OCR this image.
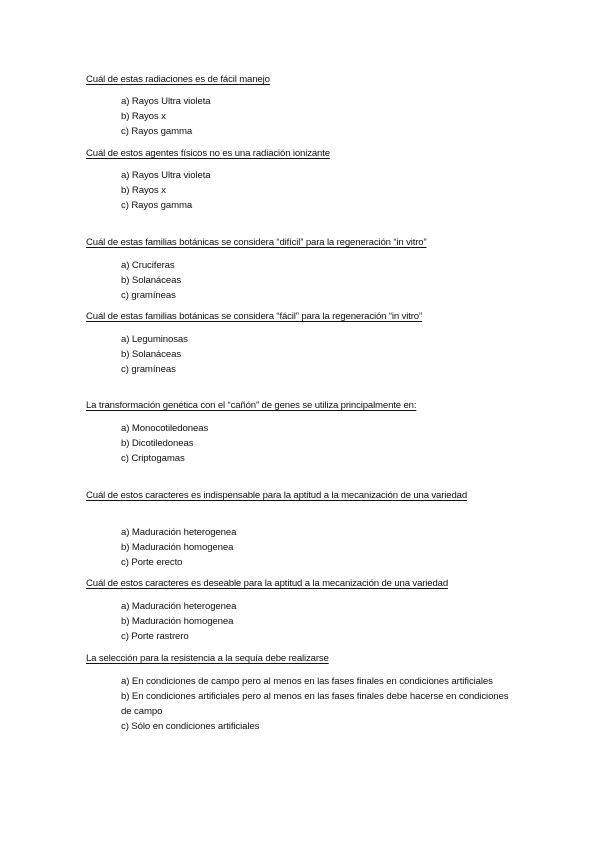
Cuál de estas radiaciones es de fácil manejo

a) Rayos Ultra violeta
b) Rayos x
c) Rayos gamma

Cuál de estos agentes físicos no es una radiación ionizante

a) Rayos Ultra violeta
b) Rayos x
c) Rayos gamma

Cuál de estas familias botánicas se considera “difícil” para la regeneración “in vitro”

a) Cruciferas
b) Solanáceas
c) gramíneas

Cuál de estas familias botánicas se considera “fácil” para la regeneración “in vitro”

a) Leguminosas
b) Solanáceas
c) gramíneas

La transformación genética con el “cañón” de genes se utiliza principalmente en:

a) Monocotiledoneas
b) Dicotiledoneas
c) Criptogamas

Cuál de estos caracteres es indispensable para la aptitud a la mecanización de una variedad

a) Maduración heterogenea
b) Maduración homogenea
c) Porte erecto

Cuál de estos caracteres es deseable para la aptitud a la mecanización de una variedad

a) Maduración heterogenea
b) Maduración homogenea
c) Porte rastrero

La selección para la resistencia a la sequía debe realizarse

a) En condiciones de campo pero al menos en las fases finales en condiciones artificiales
b) En condiciones artificiales pero al menos en las fases finales debe hacerse en condiciones de campo
c) Sólo en condiciones artificiales
